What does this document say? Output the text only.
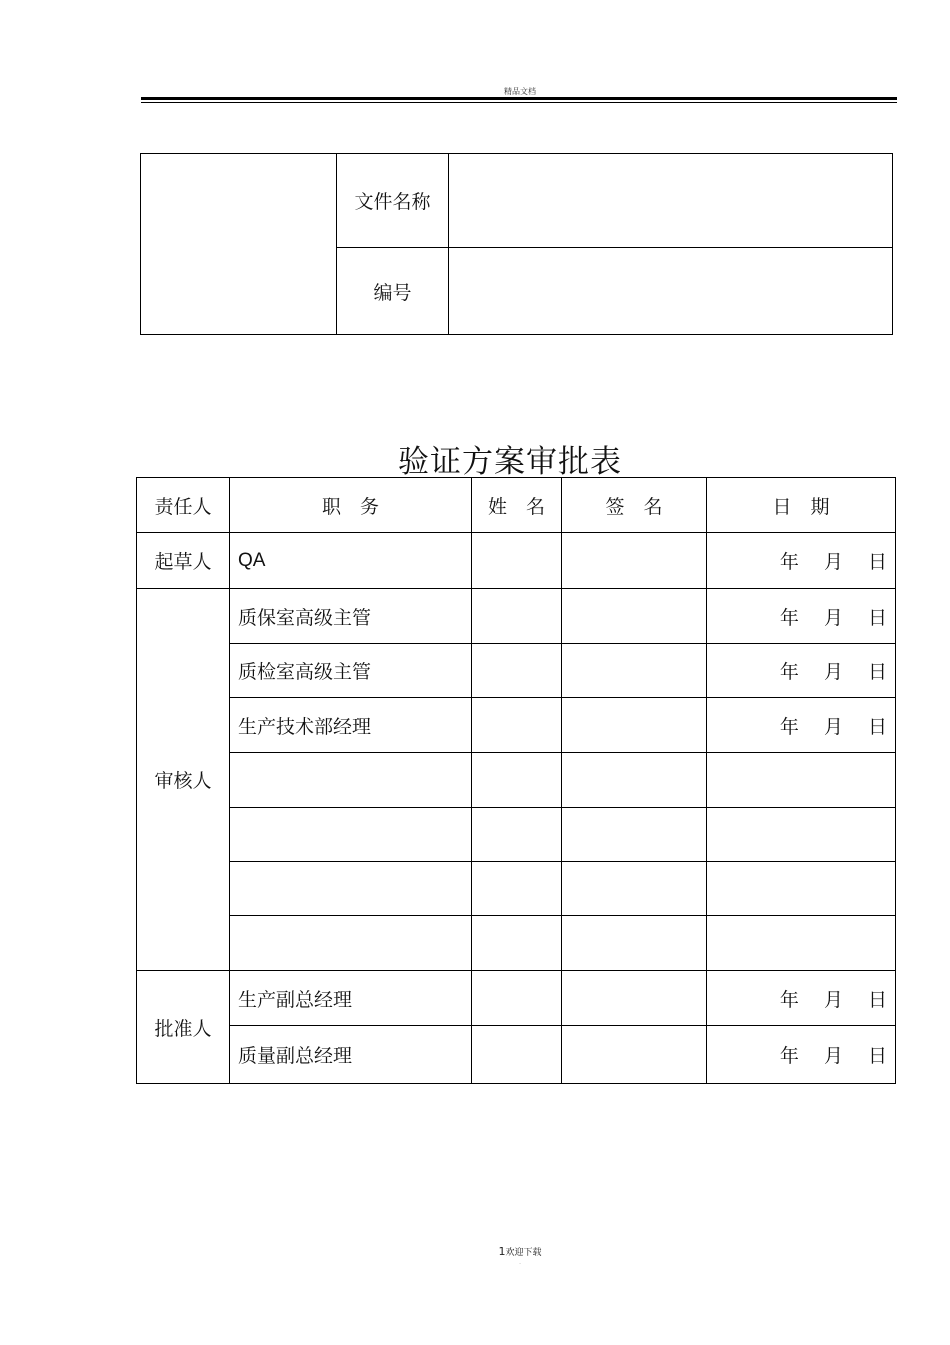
精品文档
	文件名称	
	编号	
验证方案审批表
责任人	职　务	姓　名	签　名	日　期
起草人	QA			年　 月　 日
审核人	质保室高级主管			年　 月　 日
	质检室高级主管			年　 月　 日
	生产技术部经理			年　 月　 日

批准人	生产副总经理			年　 月　 日
	质量副总经理			年　 月　 日
1欢迎下载
.
